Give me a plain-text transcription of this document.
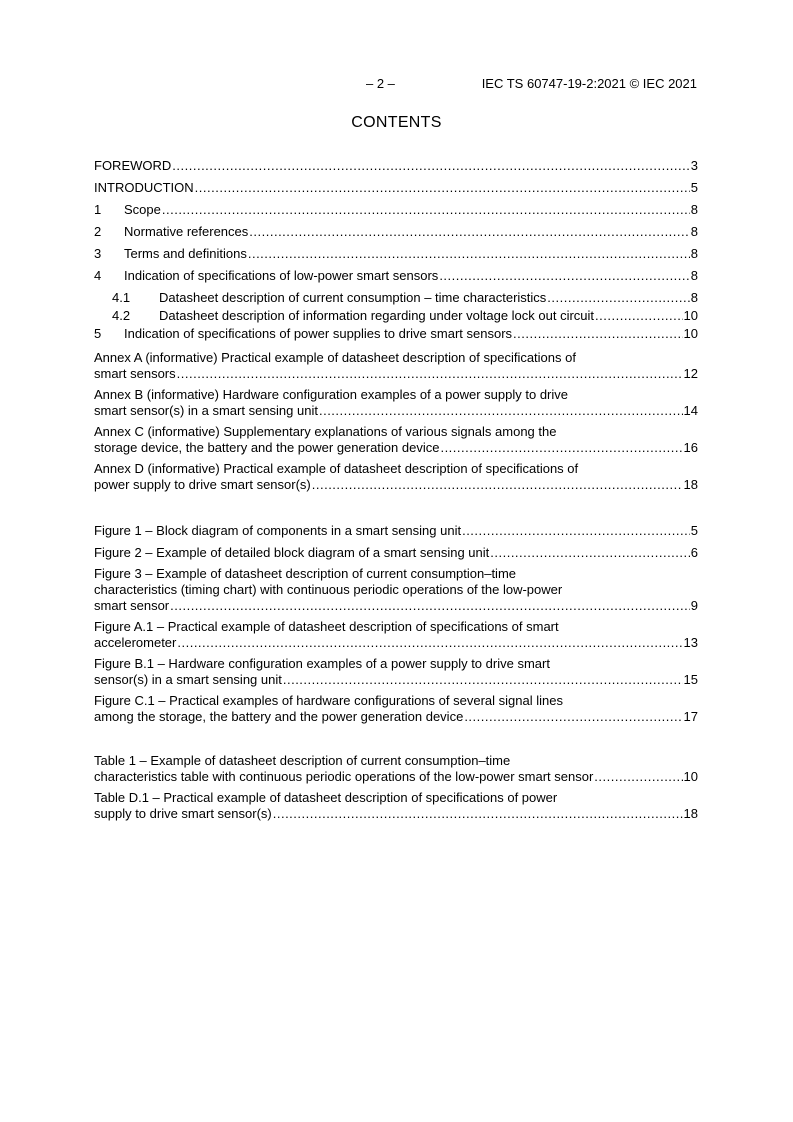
– 2 –	IEC TS 60747-19-2:2021 © IEC 2021
CONTENTS
FOREWORD .....	3
INTRODUCTION .....	5
1	Scope .....	8
2	Normative references .....	8
3	Terms and definitions .....	8
4	Indication of specifications of low-power smart sensors .....	8
4.1	Datasheet description of current consumption – time characteristics .....	8
4.2	Datasheet description of information regarding under voltage lock out circuit .....	10
5	Indication of specifications of power supplies to drive smart sensors .....	10
Annex A (informative) Practical example of datasheet description of specifications of
smart sensors .....	12
Annex B (informative) Hardware configuration examples of a power supply to drive
smart sensor(s) in a smart sensing unit .....	14
Annex C (informative) Supplementary explanations of various signals among the
storage device, the battery and the power generation device .....	16
Annex D (informative) Practical example of datasheet description of specifications of
power supply to drive smart sensor(s) .....	18
Figure 1 – Block diagram of components in a smart sensing unit .....	5
Figure 2 – Example of detailed block diagram of a smart sensing unit .....	6
Figure 3 – Example of datasheet description of current consumption–time
characteristics (timing chart) with continuous periodic operations of the low-power
smart sensor .....	9
Figure A.1 – Practical example of datasheet description of specifications of smart
accelerometer .....	13
Figure B.1 – Hardware configuration examples of a power supply to drive smart
sensor(s) in a smart sensing unit .....	15
Figure C.1 – Practical examples of hardware configurations of several signal lines
among the storage, the battery and the power generation device .....	17
Table 1 – Example of datasheet description of current consumption–time
characteristics table with continuous periodic operations of the low-power smart sensor .....	10
Table D.1 – Practical example of datasheet description of specifications of power
supply to drive smart sensor(s) .....	18
